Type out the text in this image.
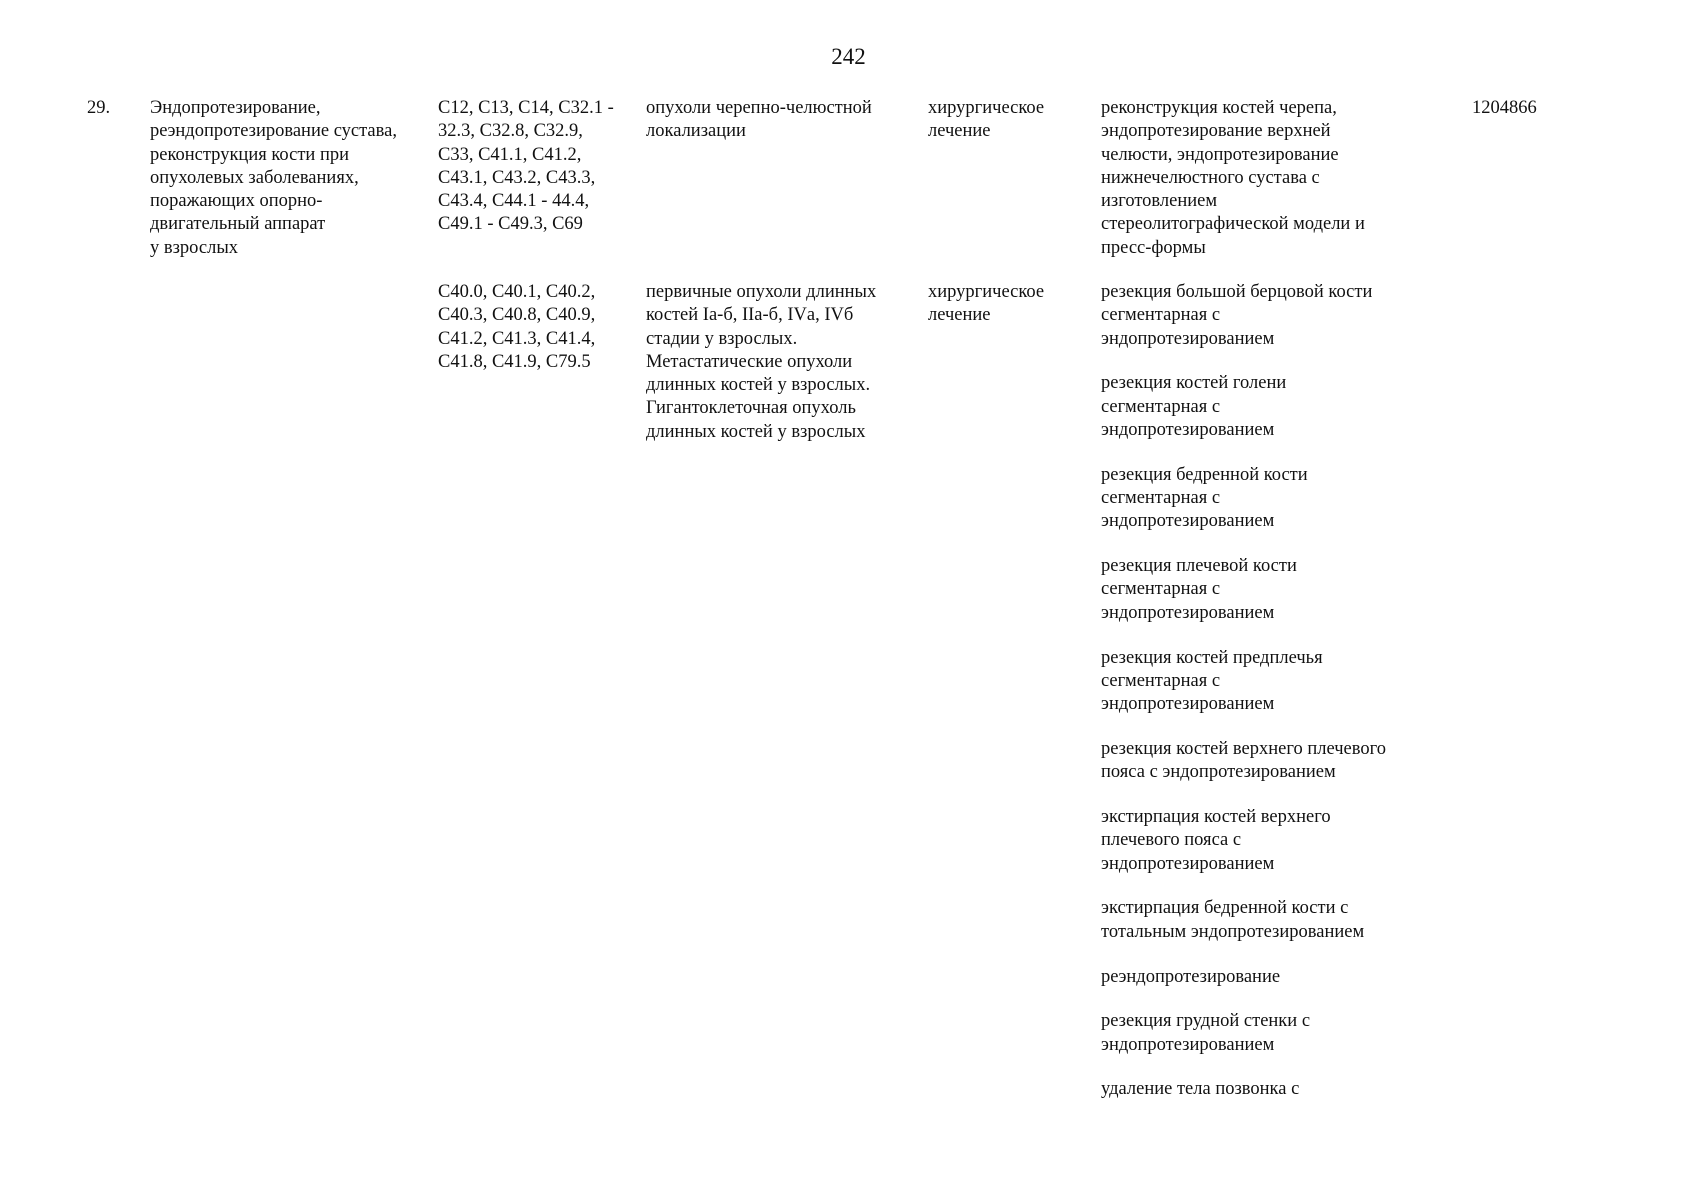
242
29.	Эндопротезирование,
реэндопротезирование сустава,
реконструкция кости при
опухолевых заболеваниях,
поражающих опорно-
двигательный аппарат
у взрослых
1204866
C12, C13, C14, C32.1 -
32.3, C32.8, C32.9,
C33, C41.1, C41.2,
C43.1, C43.2, C43.3,
C43.4, C44.1 - 44.4,
C49.1 - C49.3, C69
опухоли черепно-челюстной
локализации
хирургическое
лечение
реконструкция костей черепа,
эндопротезирование верхней
челюсти, эндопротезирование
нижнечелюстного сустава с
изготовлением
стереолитографической модели и
пресс-формы
C40.0, C40.1, C40.2,
C40.3, C40.8, C40.9,
C41.2, C41.3, C41.4,
C41.8, C41.9, C79.5
первичные опухоли длинных
костей Iа-б, IIа-б, IVа, IVб
стадии у взрослых.
Метастатические опухоли
длинных костей у взрослых.
Гигантоклеточная опухоль
длинных костей у взрослых
хирургическое
лечение
резекция большой берцовой кости
сегментарная с
эндопротезированием
резекция костей голени
сегментарная с
эндопротезированием
резекция бедренной кости
сегментарная с
эндопротезированием
резекция плечевой кости
сегментарная с
эндопротезированием
резекция костей предплечья
сегментарная с
эндопротезированием
резекция костей верхнего плечевого
пояса с эндопротезированием
экстирпация костей верхнего
плечевого пояса с
эндопротезированием
экстирпация бедренной кости с
тотальным эндопротезированием
реэндопротезирование
резекция грудной стенки с
эндопротезированием
удаление тела позвонка с
